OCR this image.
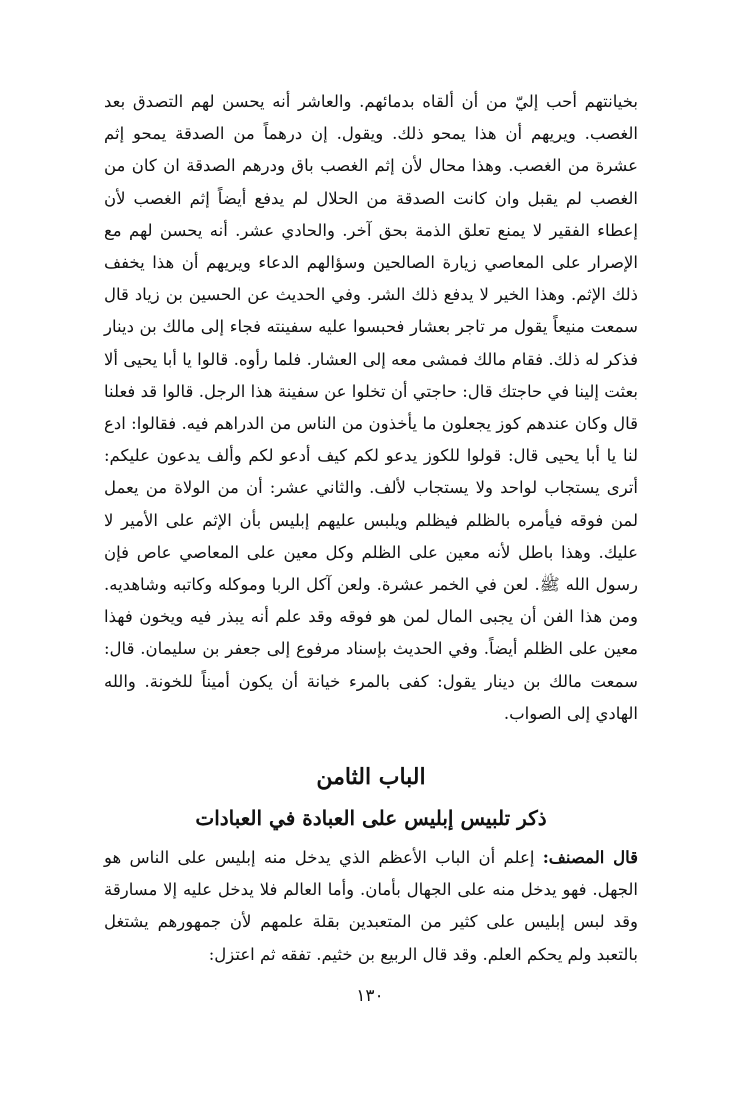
بخيانتهم أحب إليّ من أن ألقاه بدمائهم. والعاشر أنه يحسن لهم التصدق بعد الغصب. ويريهم أن هذا يمحو ذلك. ويقول. إن درهماً من الصدقة يمحو إثم عشرة من الغصب. وهذا محال لأن إثم الغصب باق ودرهم الصدقة ان كان من الغصب لم يقبل وان كانت الصدقة من الحلال لم يدفع أيضاً إثم الغصب لأن إعطاء الفقير لا يمنع تعلق الذمة بحق آخر. والحادي عشر. أنه يحسن لهم مع الإصرار على المعاصي زيارة الصالحين وسؤالهم الدعاء ويريهم أن هذا يخفف ذلك الإثم. وهذا الخير لا يدفع ذلك الشر. وفي الحديث عن الحسين بن زياد قال سمعت منيعاً يقول مر تاجر بعشار فحبسوا عليه سفينته فجاء إلى مالك بن دينار فذكر له ذلك. فقام مالك فمشى معه إلى العشار. فلما رأوه. قالوا يا أبا يحيى ألا بعثت إلينا في حاجتك قال: حاجتي أن تخلوا عن سفينة هذا الرجل. قالوا قد فعلنا قال وكان عندهم كوز يجعلون ما يأخذون من الناس من الدراهم فيه. فقالوا: ادع لنا يا أبا يحيى قال: قولوا للكوز يدعو لكم كيف أدعو لكم وألف يدعون عليكم: أترى يستجاب لواحد ولا يستجاب لألف. والثاني عشر: أن من الولاة من يعمل لمن فوقه فيأمره بالظلم فيظلم ويلبس عليهم إبليس بأن الإثم على الأمير لا عليك. وهذا باطل لأنه معين على الظلم وكل معين على المعاصي عاص فإن رسول الله ﷺ. لعن في الخمر عشرة. ولعن آكل الربا وموكله وكاتبه وشاهديه. ومن هذا الفن أن يجبى المال لمن هو فوقه وقد علم أنه يبذر فيه ويخون فهذا معين على الظلم أيضاً. وفي الحديث بإسناد مرفوع إلى جعفر بن سليمان. قال: سمعت مالك بن دينار يقول: كفى بالمرء خيانة أن يكون أميناً للخونة. والله الهادي إلى الصواب.

الباب الثامن
ذكر تلبيس إبليس على العبادة في العبادات

قال المصنف: إعلم أن الباب الأعظم الذي يدخل منه إبليس على الناس هو الجهل. فهو يدخل منه على الجهال بأمان. وأما العالم فلا يدخل عليه إلا مسارقة وقد لبس إبليس على كثير من المتعبدين بقلة علمهم لأن جمهورهم يشتغل بالتعبد ولم يحكم العلم. وقد قال الربيع بن خثيم. تفقه ثم اعتزل:

١٣٠
